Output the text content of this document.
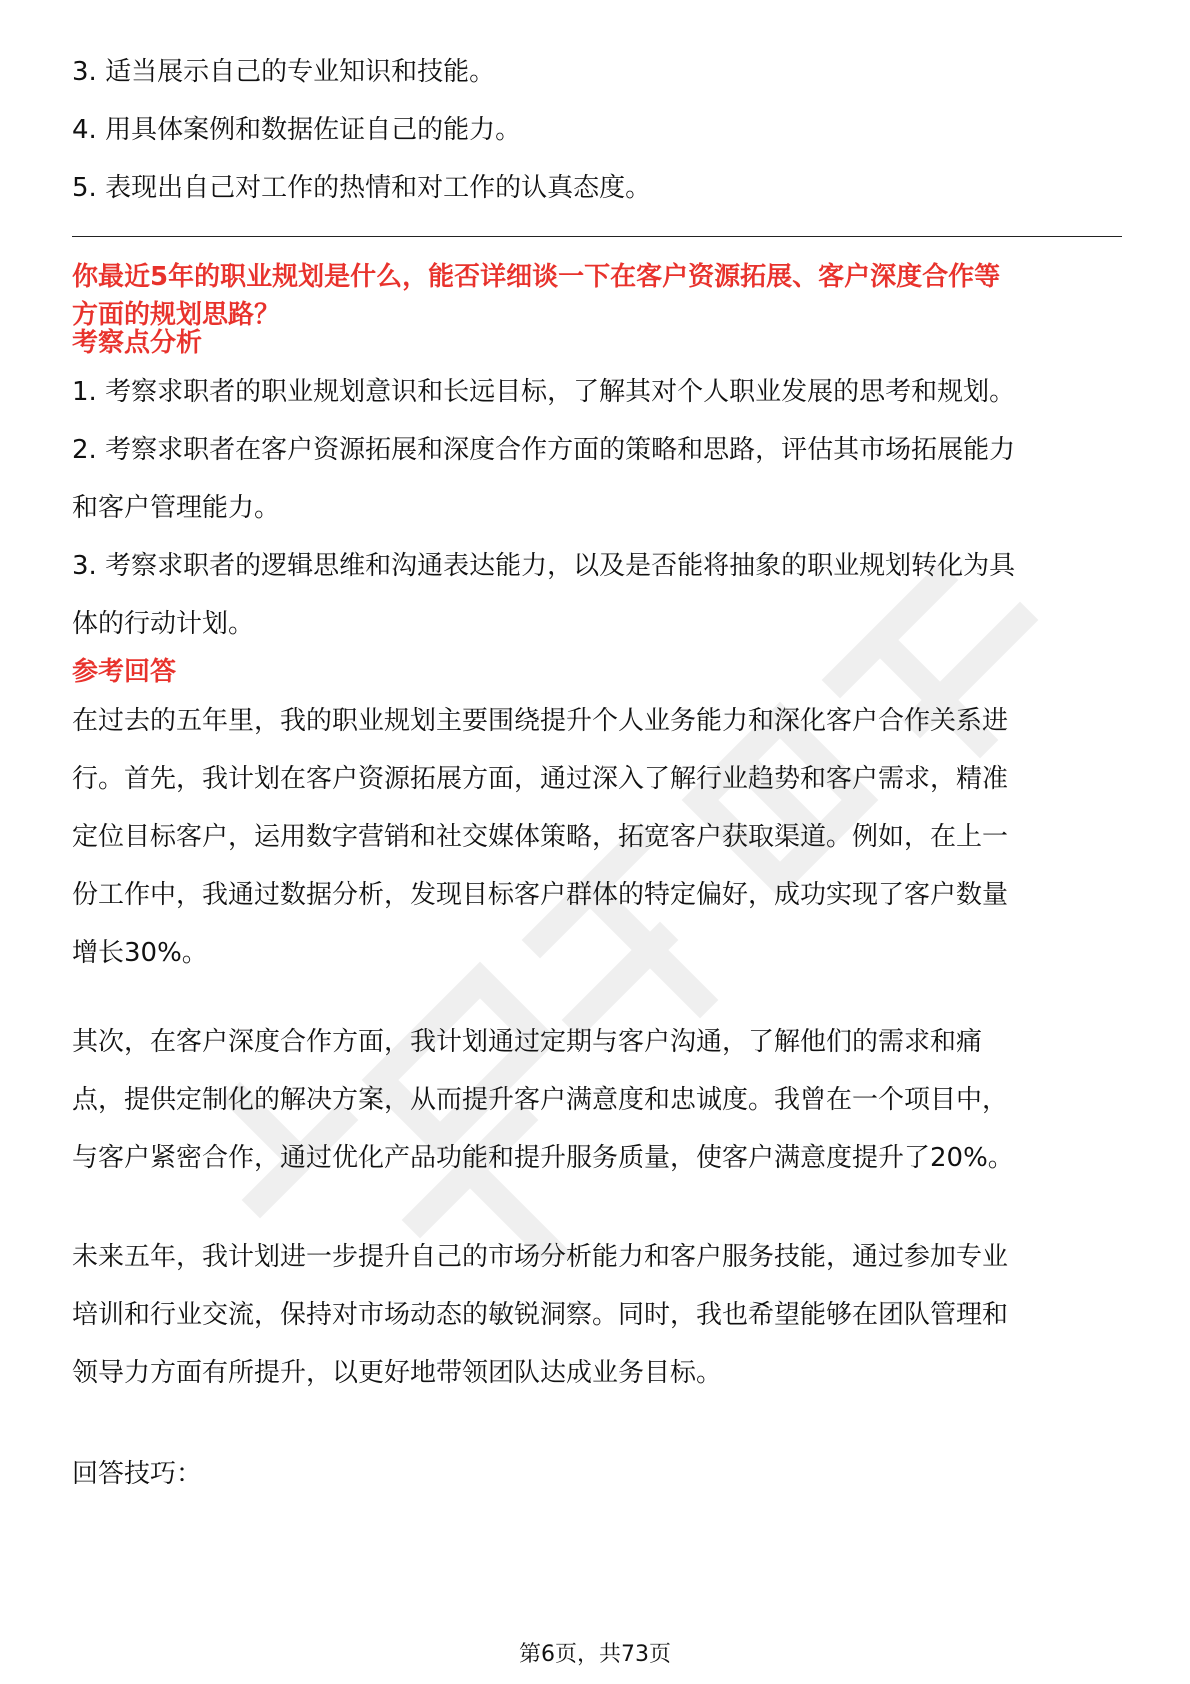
3. 适当展示自己的专业知识和技能。

4. 用具体案例和数据佐证自己的能力。

5. 表现出自己对工作的热情和对工作的认真态度。

你最近5年的职业规划是什么，能否详细谈一下在客户资源拓展、客户深度合作等
方面的规划思路？
考察点分析

1. 考察求职者的职业规划意识和长远目标，了解其对个人职业发展的思考和规划。

2. 考察求职者在客户资源拓展和深度合作方面的策略和思路，评估其市场拓展能力

和客户管理能力。

3. 考察求职者的逻辑思维和沟通表达能力，以及是否能将抽象的职业规划转化为具

体的行动计划。

参考回答

在过去的五年里，我的职业规划主要围绕提升个人业务能力和深化客户合作关系进

行。首先，我计划在客户资源拓展方面，通过深入了解行业趋势和客户需求，精准

定位目标客户，运用数字营销和社交媒体策略，拓宽客户获取渠道。例如，在上一

份工作中，我通过数据分析，发现目标客户群体的特定偏好，成功实现了客户数量

增长30%。

其次，在客户深度合作方面，我计划通过定期与客户沟通，了解他们的需求和痛

点，提供定制化的解决方案，从而提升客户满意度和忠诚度。我曾在一个项目中，

与客户紧密合作，通过优化产品功能和提升服务质量，使客户满意度提升了20%。

未来五年，我计划进一步提升自己的市场分析能力和客户服务技能，通过参加专业

培训和行业交流，保持对市场动态的敏锐洞察。同时，我也希望能够在团队管理和

领导力方面有所提升，以更好地带领团队达成业务目标。

回答技巧：

第6页，共73页
